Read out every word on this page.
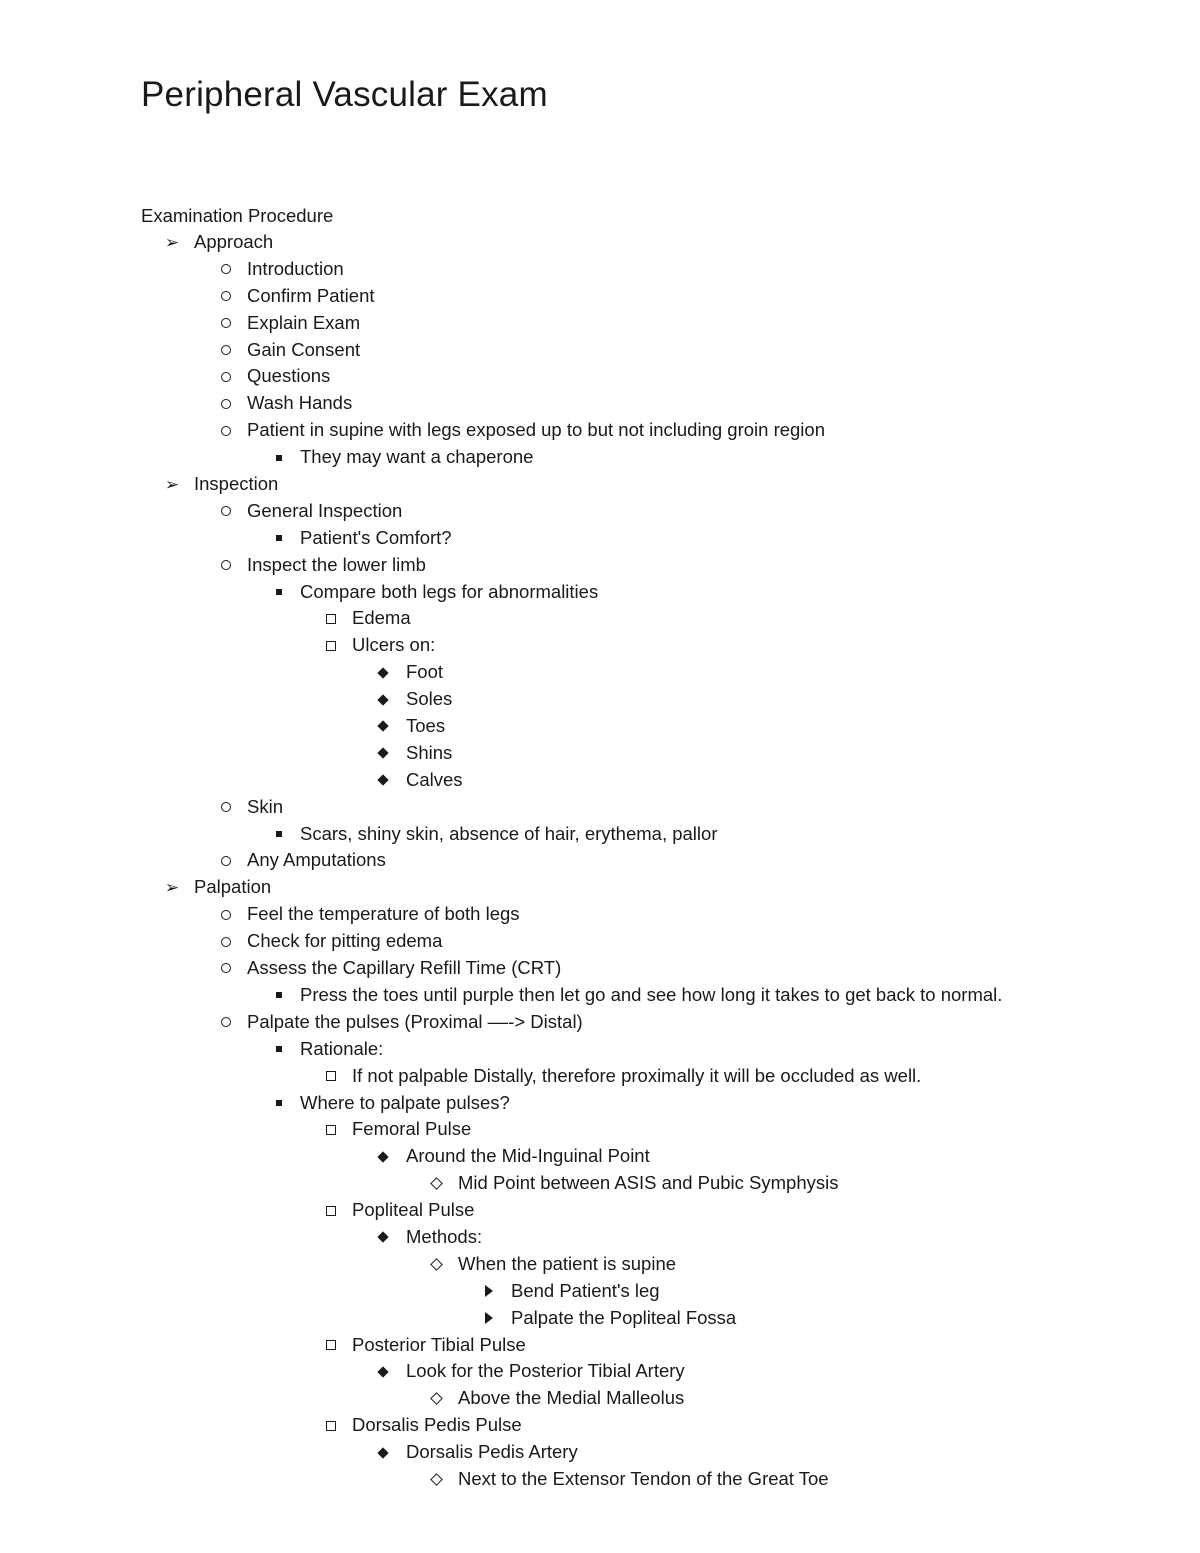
Peripheral Vascular Exam
Examination Procedure
➢ Approach
Introduction
Confirm Patient
Explain Exam
Gain Consent
Questions
Wash Hands
Patient in supine with legs exposed up to but not including groin region
They may want a chaperone
➢ Inspection
General Inspection
Patient's Comfort?
Inspect the lower limb
Compare both legs for abnormalities
Edema
Ulcers on:
Foot
Soles
Toes
Shins
Calves
Skin
Scars, shiny skin, absence of hair, erythema, pallor
Any Amputations
➢ Palpation
Feel the temperature of both legs
Check for pitting edema
Assess the Capillary Refill Time (CRT)
Press the toes until purple then let go and see how long it takes to get back to normal.
Palpate the pulses (Proximal ––-> Distal)
Rationale:
If not palpable Distally, therefore proximally it will be occluded as well.
Where to palpate pulses?
Femoral Pulse
Around the Mid-Inguinal Point
Mid Point between ASIS and Pubic Symphysis
Popliteal Pulse
Methods:
When the patient is supine
Bend Patient's leg
Palpate the Popliteal Fossa
Posterior Tibial Pulse
Look for the Posterior Tibial Artery
Above the Medial Malleolus
Dorsalis Pedis Pulse
Dorsalis Pedis Artery
Next to the Extensor Tendon of the Great Toe
